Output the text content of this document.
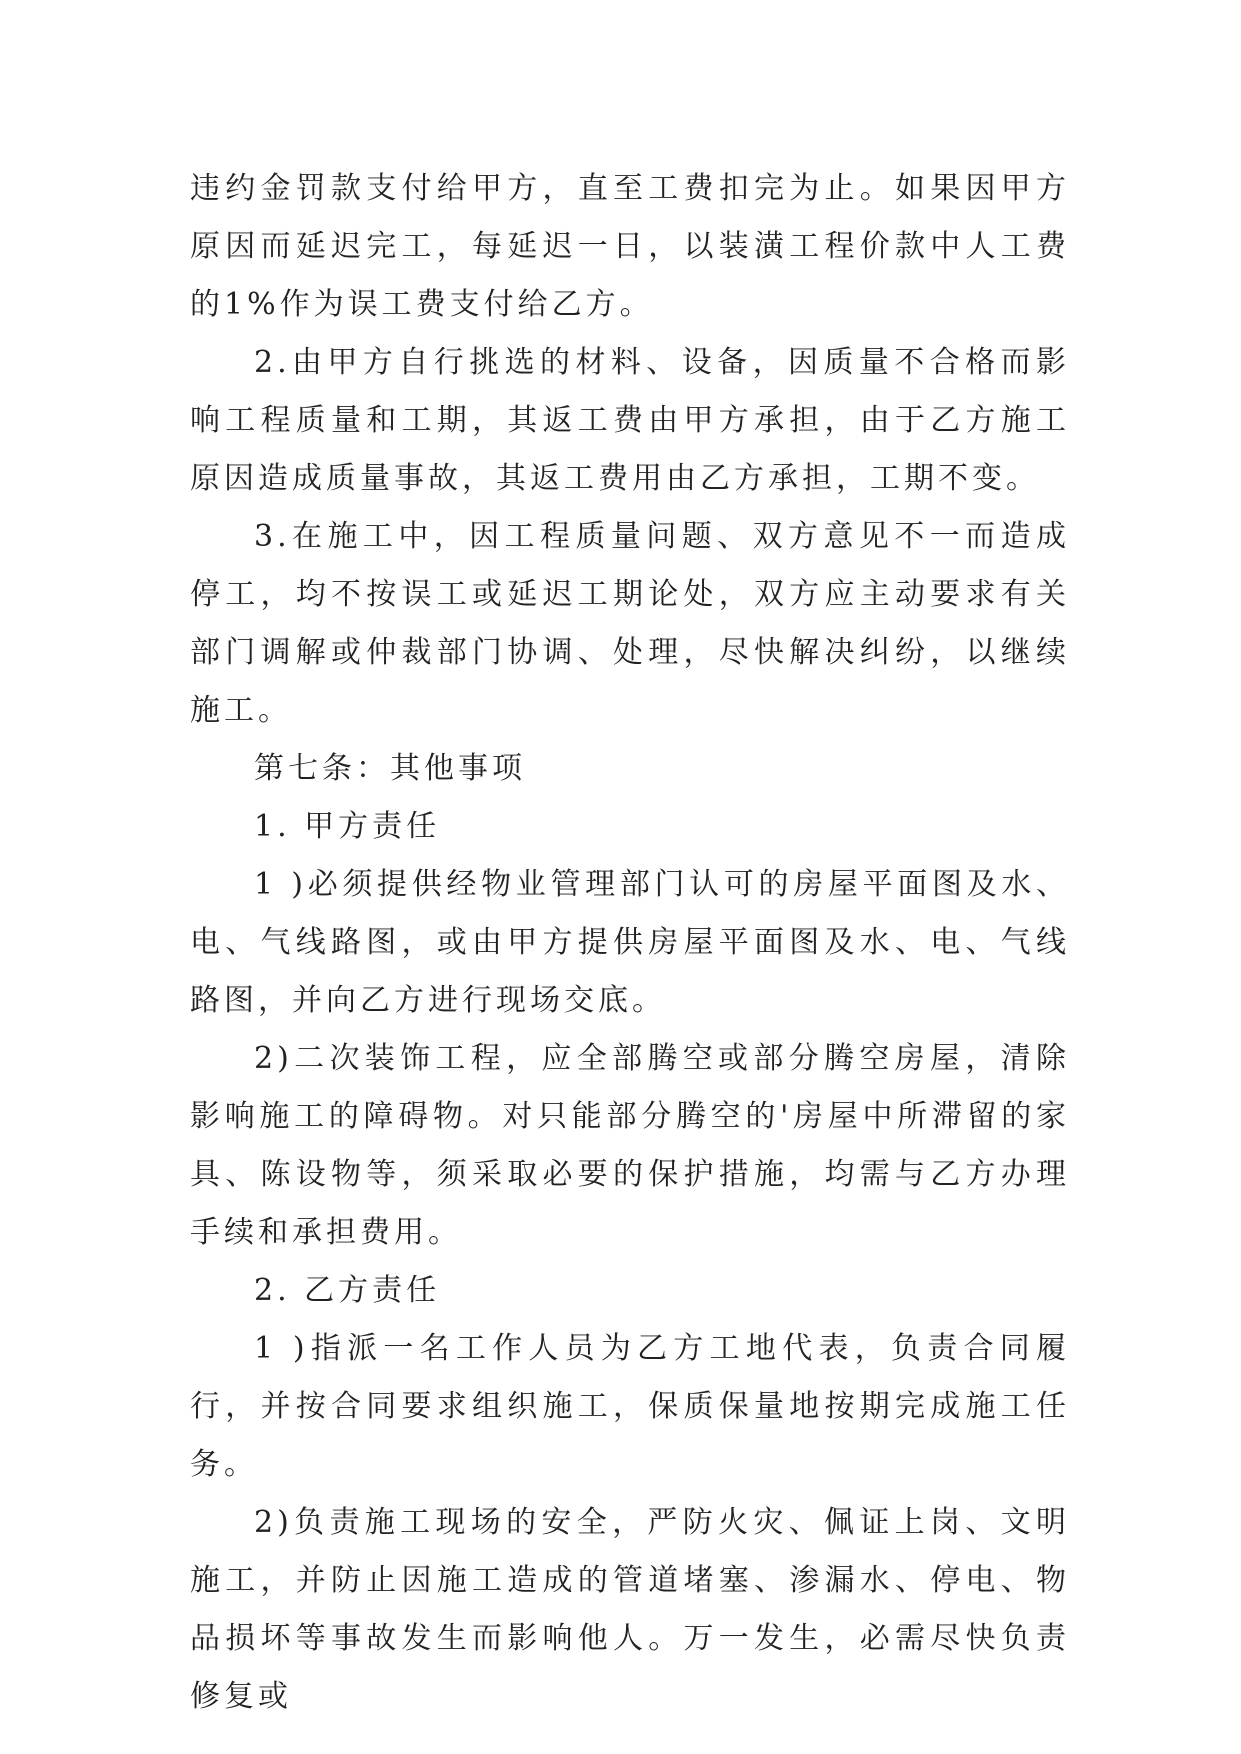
违约金罚款支付给甲方，直至工费扣完为止。如果因甲方原因而延迟完工，每延迟一日，以装潢工程价款中人工费的1%作为误工费支付给乙方。

2.由甲方自行挑选的材料、设备，因质量不合格而影响工程质量和工期，其返工费由甲方承担，由于乙方施工原因造成质量事故，其返工费用由乙方承担，工期不变。

3.在施工中，因工程质量问题、双方意见不一而造成停工，均不按误工或延迟工期论处，双方应主动要求有关部门调解或仲裁部门协调、处理，尽快解决纠纷，以继续施工。

第七条：其他事项

1. 甲方责任

1 )必须提供经物业管理部门认可的房屋平面图及水、电、气线路图，或由甲方提供房屋平面图及水、电、气线路图，并向乙方进行现场交底。

2)二次装饰工程，应全部腾空或部分腾空房屋，清除影响施工的障碍物。对只能部分腾空的'房屋中所滞留的家具、陈设物等，须采取必要的保护措施，均需与乙方办理手续和承担费用。

2. 乙方责任

1 )指派一名工作人员为乙方工地代表，负责合同履行，并按合同要求组织施工，保质保量地按期完成施工任务。

2)负责施工现场的安全，严防火灾、佩证上岗、文明施工，并防止因施工造成的管道堵塞、渗漏水、停电、物品损坏等事故发生而影响他人。万一发生，必需尽快负责修复或
